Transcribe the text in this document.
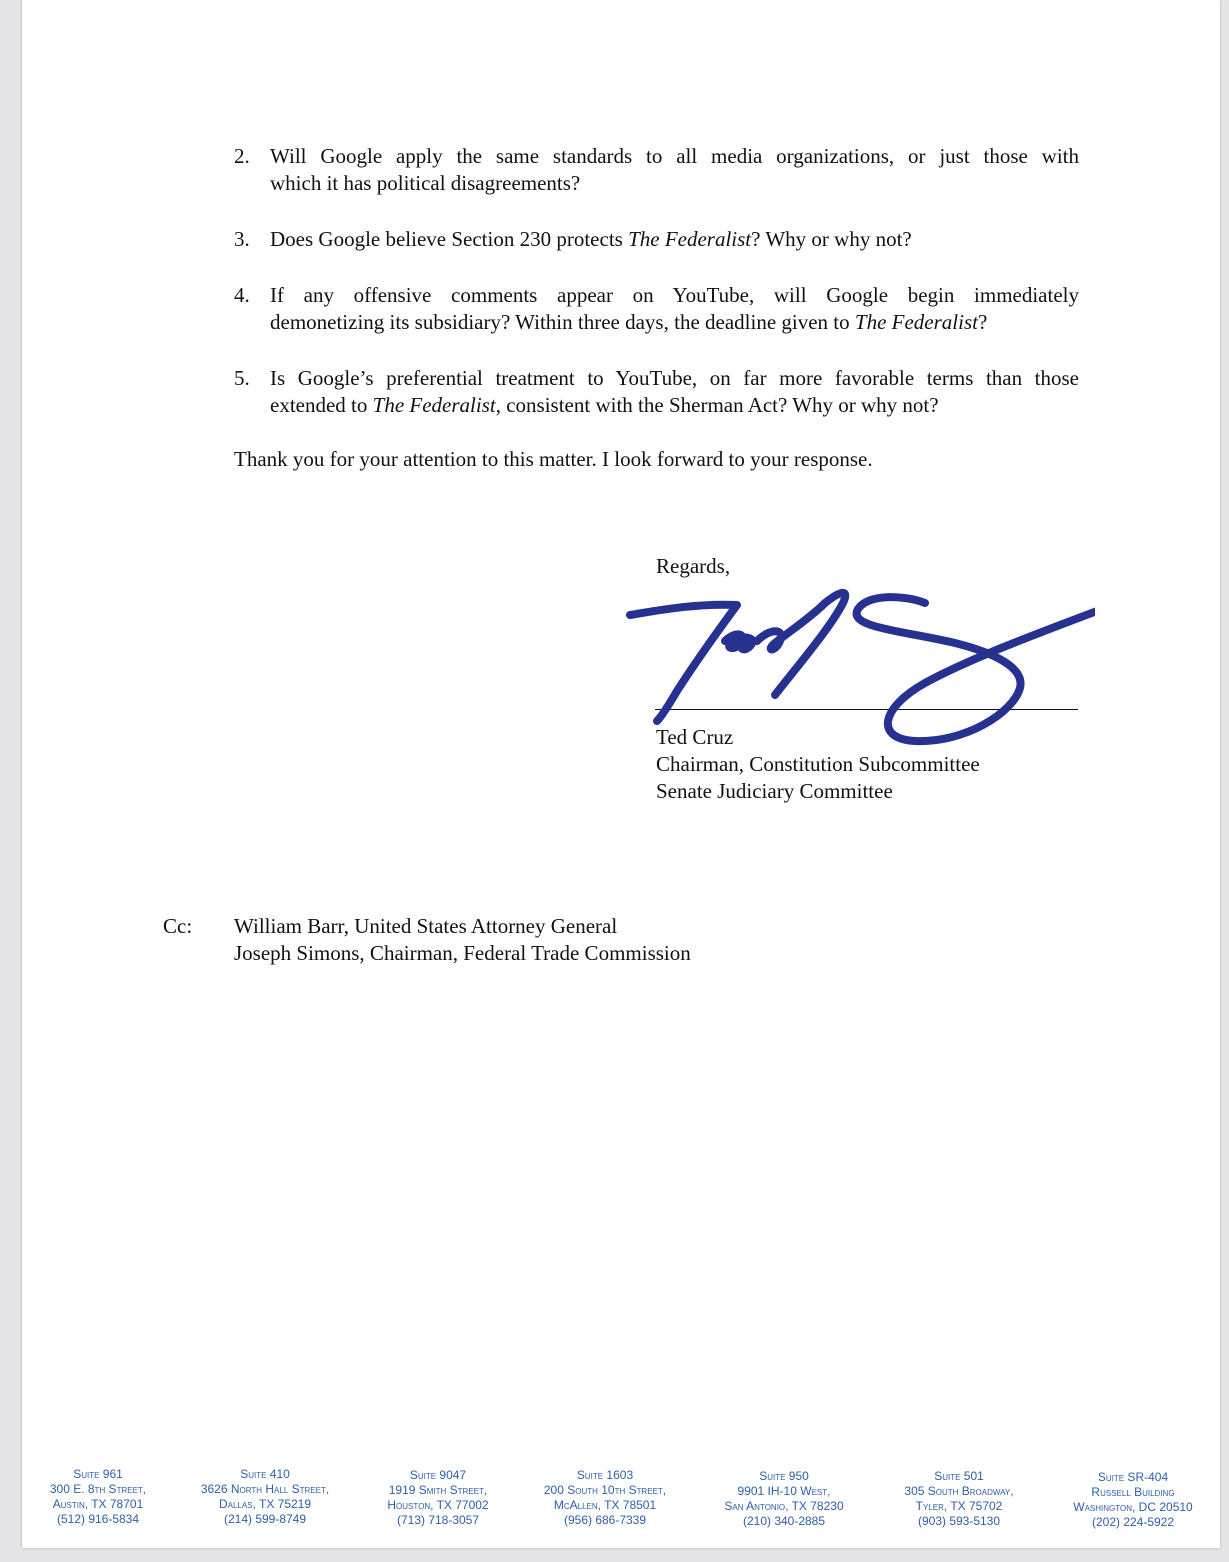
2. Will Google apply the same standards to all media organizations, or just those with
which it has political disagreements?
3. Does Google believe Section 230 protects The Federalist? Why or why not?
4. If any offensive comments appear on YouTube, will Google begin immediately
demonetizing its subsidiary? Within three days, the deadline given to The Federalist?
5. Is Google’s preferential treatment to YouTube, on far more favorable terms than those
extended to The Federalist, consistent with the Sherman Act? Why or why not?
Thank you for your attention to this matter. I look forward to your response.
Regards,
Ted Cruz
Chairman, Constitution Subcommittee
Senate Judiciary Committee
Cc: William Barr, United States Attorney General
Joseph Simons, Chairman, Federal Trade Commission
Suite 961
300 E. 8th Street,
Austin, TX 78701
(512) 916-5834
Suite 410
3626 North Hall Street,
Dallas, TX 75219
(214) 599-8749
Suite 9047
1919 Smith Street,
Houston, TX 77002
(713) 718-3057
Suite 1603
200 South 10th Street,
McAllen, TX 78501
(956) 686-7339
Suite 950
9901 IH-10 West,
San Antonio, TX 78230
(210) 340-2885
Suite 501
305 South Broadway,
Tyler, TX 75702
(903) 593-5130
Suite SR-404
Russell Building
Washington, DC 20510
(202) 224-5922
